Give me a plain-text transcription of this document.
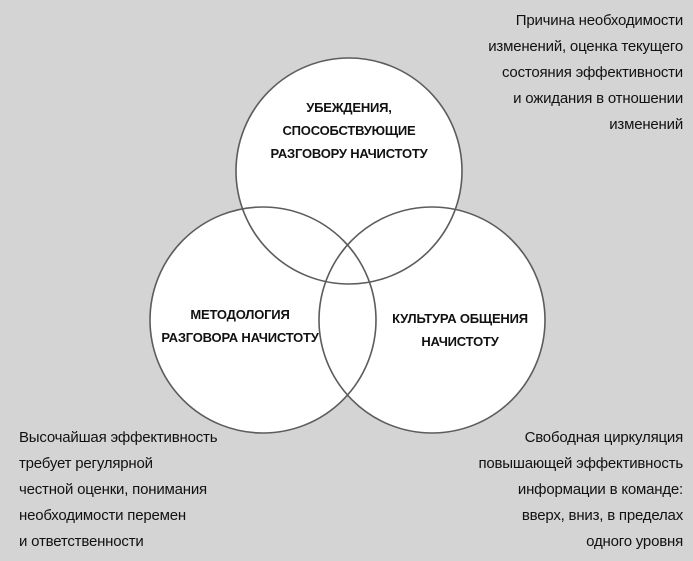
УБЕЖДЕНИЯ,
СПОСОБСТВУЮЩИЕ
РАЗГОВОРУ НАЧИСТОТУ
МЕТОДОЛОГИЯ
РАЗГОВОРА НАЧИСТОТУ
КУЛЬТУРА ОБЩЕНИЯ
НАЧИСТОТУ
Причина необходимости
изменений, оценка текущего
состояния эффективности
и ожидания в отношении
изменений
Высочайшая эффективность
требует регулярной
честной оценки, понимания
необходимости перемен
и ответственности
Свободная циркуляция
повышающей эффективность
информации в команде:
вверх, вниз, в пределах
одного уровня
